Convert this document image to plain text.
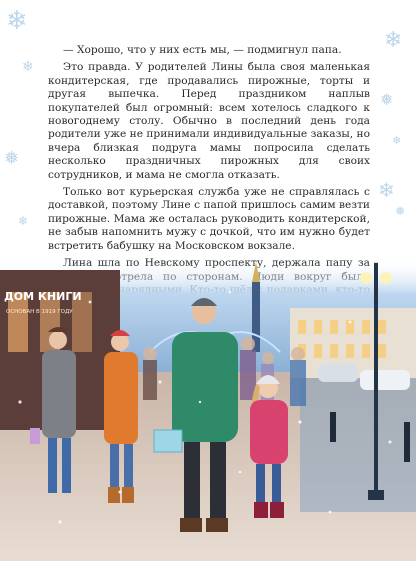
❄
❄
❅
❄
❄
❅
❄
❄
❅

— Хорошо, что у них есть мы, — подмигнул папа.

Это правда. У родителей Лины была своя маленькая кондитерская, где продавались пирожные, торты и другая выпечка. Перед праздником наплыв покупателей был огромный: всем хотелось сладкого к новогоднему столу. Обычно в последний день года родители уже не принимали индивидуальные заказы, но вчера близкая подруга мамы попросила сделать несколько праздничных пирожных для своих сотрудников, и мама не смогла отказать.

Только вот курьерская служба уже не справлялась с доставкой, поэтому Лине с папой пришлось самим везти пирожные. Мама же осталась руководить кондитерской, не забыв напомнить мужу с дочкой, что им нужно будет встретить бабушку на Московском вокзале.

ДОМ КНИГИ
ОСНОВАН В 1919 ГОДУ
